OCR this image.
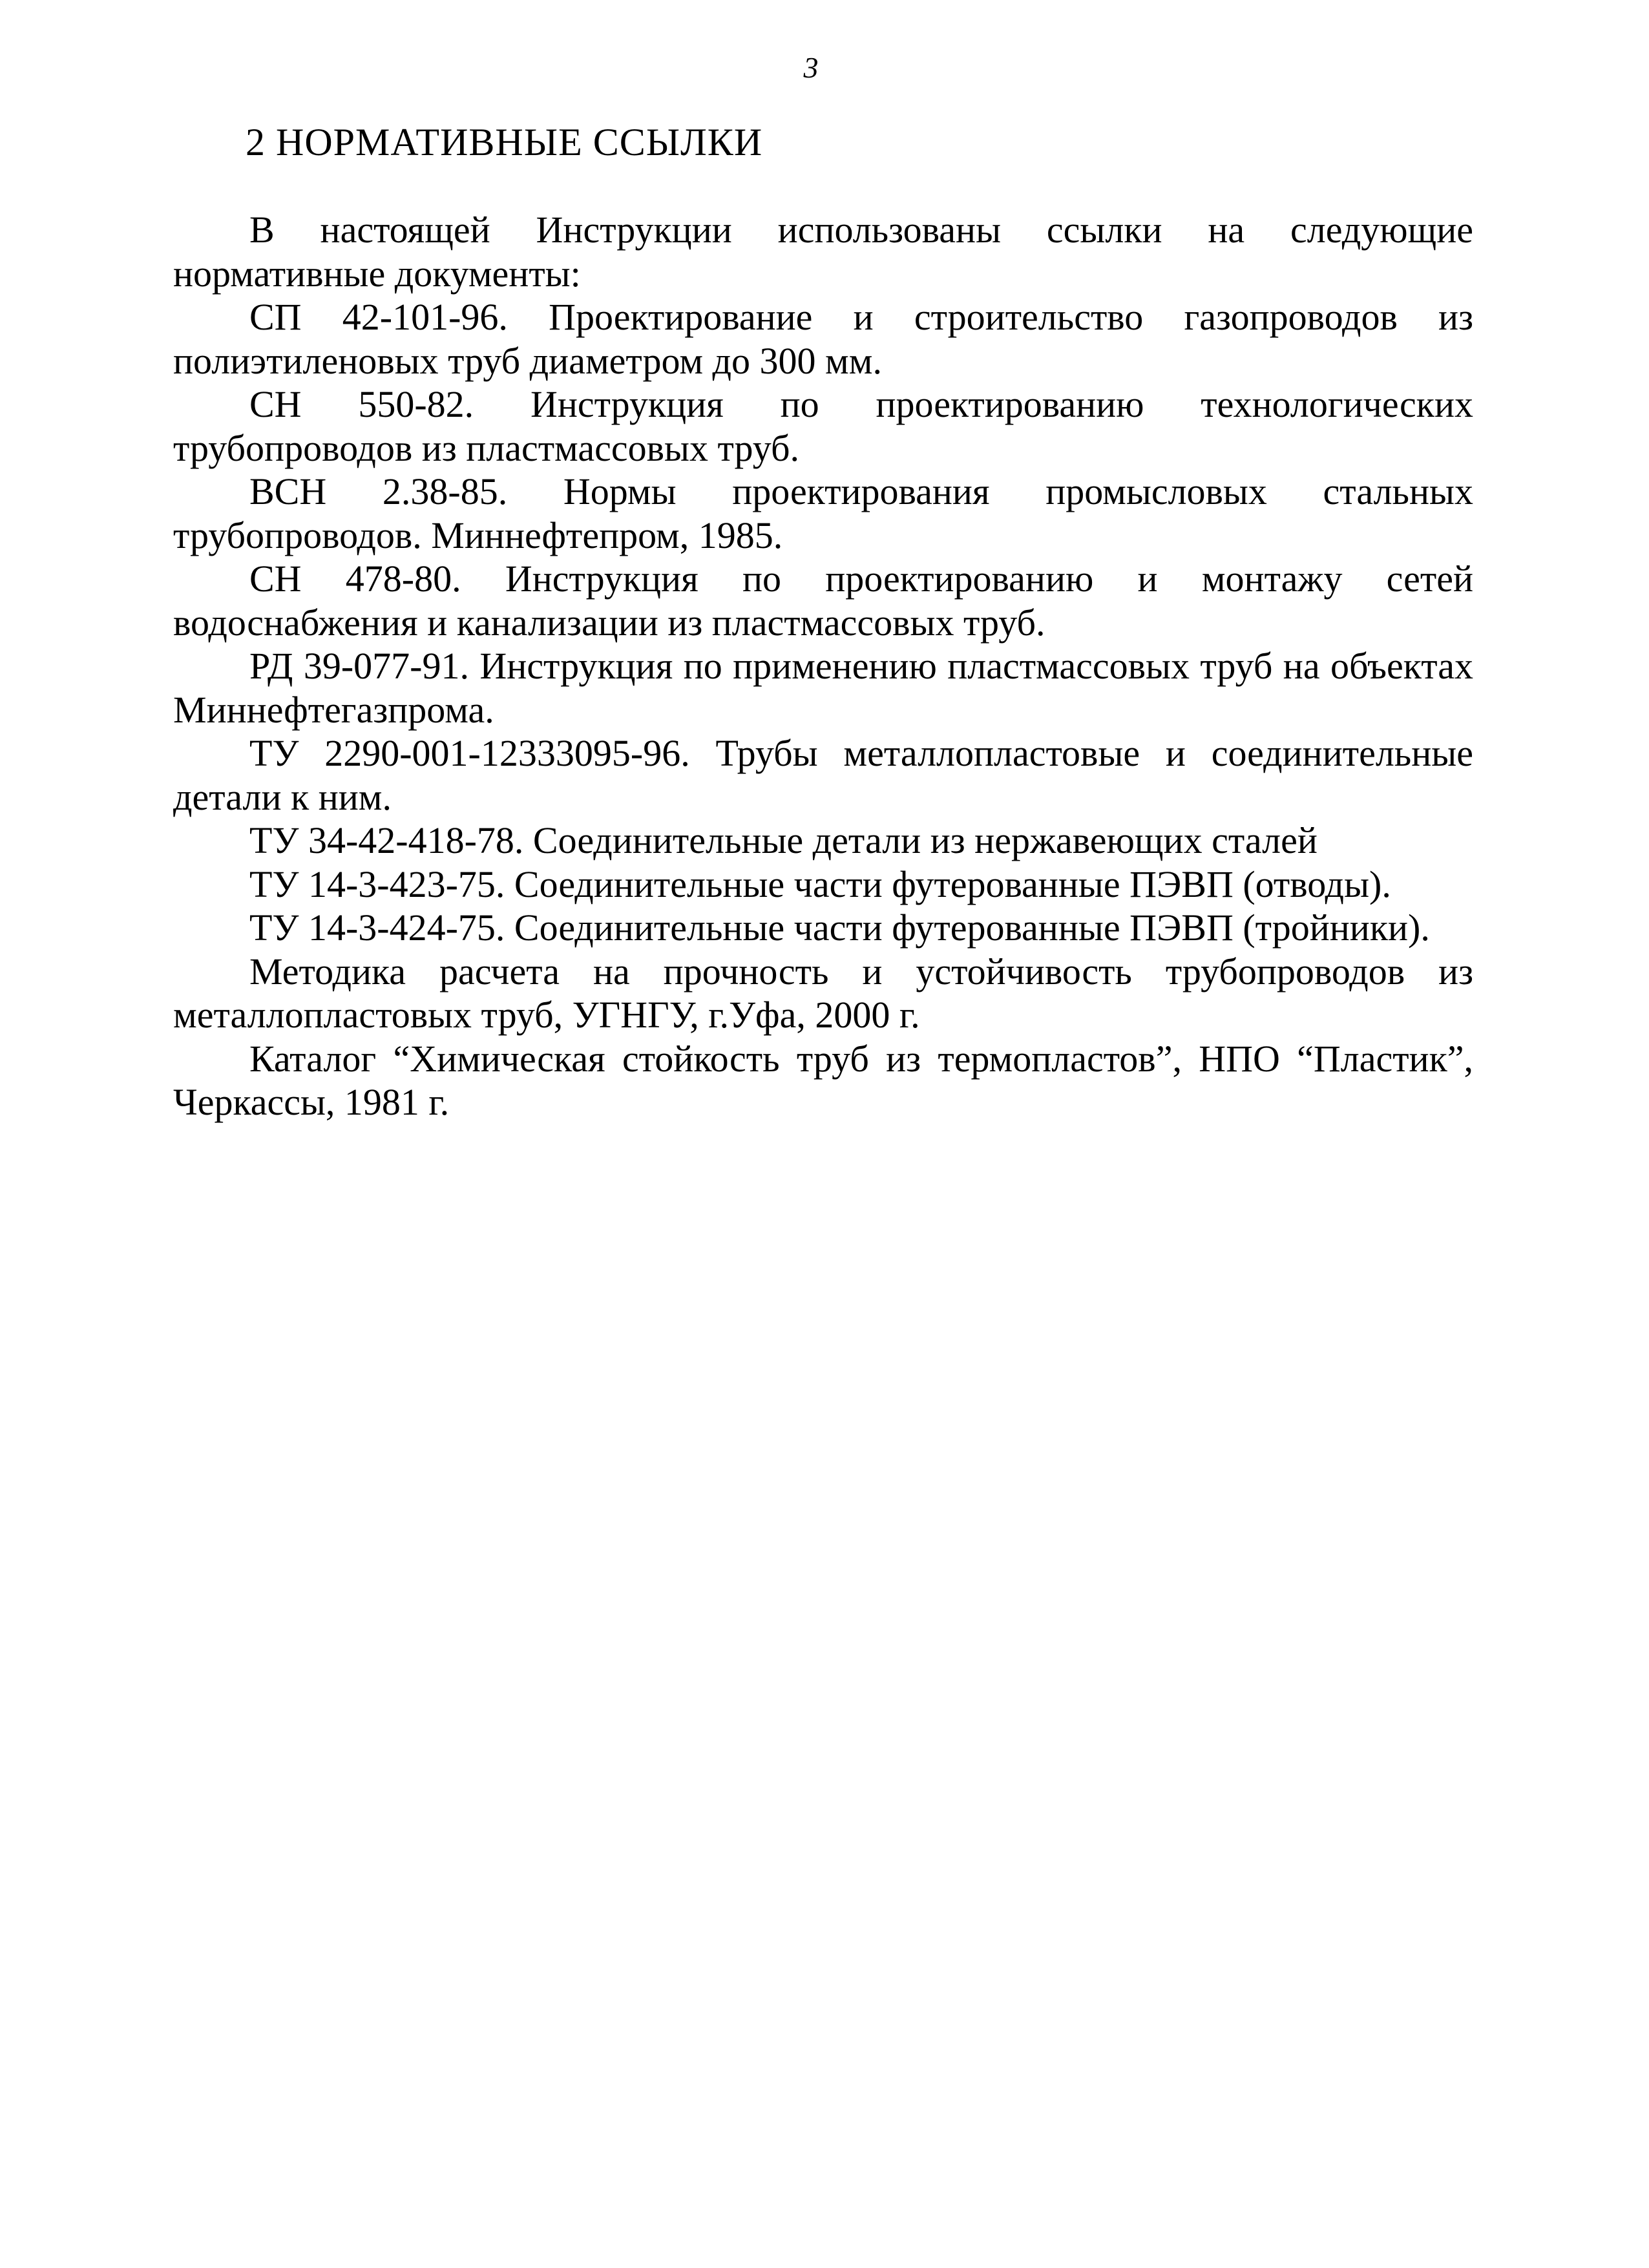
3
2 НОРМАТИВНЫЕ ССЫЛКИ

В настоящей Инструкции использованы ссылки на следующие нормативные документы:

СП 42-101-96. Проектирование и строительство газопроводов из полиэтиленовых труб диаметром до 300 мм.

СН 550-82. Инструкция по проектированию технологических трубопроводов из пластмассовых труб.

ВСН 2.38-85. Нормы проектирования промысловых стальных трубопроводов. Миннефтепром, 1985.

СН 478-80. Инструкция по проектированию и монтажу сетей водоснабжения и канализации из пластмассовых труб.

РД 39-077-91. Инструкция по применению пластмассовых труб на объектах Миннефтегазпрома.

ТУ 2290-001-12333095-96. Трубы металлопластовые и соединительные детали к ним.

ТУ 34-42-418-78. Соединительные детали из нержавеющих сталей

ТУ 14-3-423-75. Соединительные части футерованные ПЭВП (отводы).

ТУ 14-3-424-75. Соединительные части футерованные ПЭВП (тройники).

Методика расчета на прочность и устойчивость трубопроводов из металлопластовых труб, УГНГУ, г.Уфа, 2000 г.

Каталог “Химическая стойкость труб из термопластов”, НПО “Пластик”, Черкассы, 1981 г.
